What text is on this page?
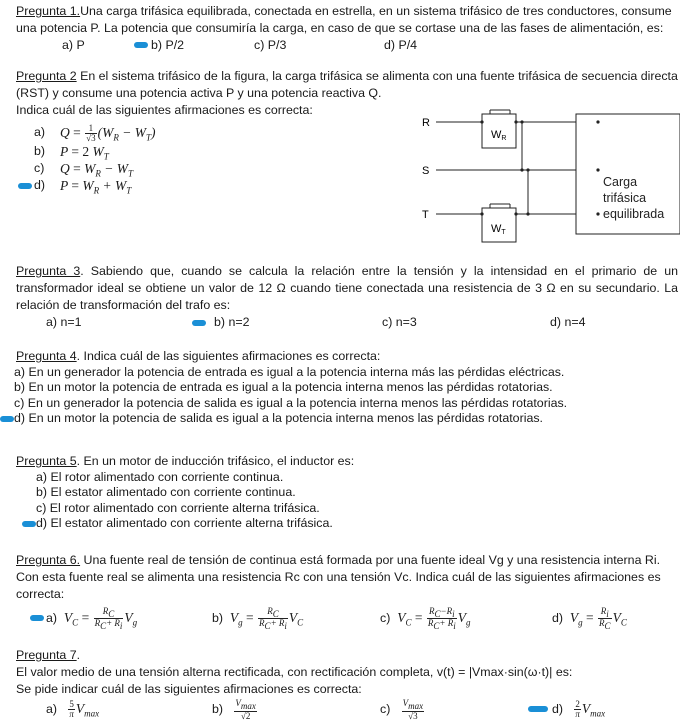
Pregunta 1.Una carga trifásica equilibrada, conectada en estrella, en un sistema trifásico de tres conductores, consume una potencia P. La potencia que consumiría la carga, en caso de que se cortase una de las fases de alimentación, es:
a) P	b) P/2	c) P/3	d) P/4
Pregunta 2 En el sistema trifásico de la figura, la carga trifásica se alimenta con una fuente trifásica de secuencia directa (RST) y consume una potencia activa P y una potencia reactiva Q.
Indica cuál de las siguientes afirmaciones es correcta:
a) $Q = \frac{1}{√3} (W_R - W_T)$
b) P = 2 $W_T$
c) $Q = W_R - W_T$
d) $P = W_R + W_T$
R
S
T
WR
WT
Carga
trifásica
equilibrada
Pregunta 3. Sabiendo que, cuando se calcula la relación entre la tensión y la intensidad en el primario de un transformador ideal se obtiene un valor de 12 Ω cuando tiene conectada una resistencia de 3 Ω en su secundario. La relación de transformación del trafo es:
a) n=1	b) n=2	c) n=3	d) n=4
Pregunta 4. Indica cuál de las siguientes afirmaciones es correcta:
a) En un generador la potencia de entrada es igual a la potencia interna más las pérdidas eléctricas.
b) En un motor la potencia de entrada es igual a la potencia interna menos las pérdidas rotatorias.
c) En un generador la potencia de salida es igual a la potencia interna menos las pérdidas rotatorias.
d) En un motor la potencia de salida es igual a la potencia interna menos las pérdidas rotatorias.
Pregunta 5. En un motor de inducción trifásico, el inductor es:
a) El rotor alimentado con corriente continua.
b) El estator alimentado con corriente continua.
c) El rotor alimentado con corriente alterna trifásica.
d) El estator alimentado con corriente alterna trifásica.
Pregunta 6. Una fuente real de tensión de continua está formada por una fuente ideal Vg y una resistencia interna Ri. Con esta fuente real se alimenta una resistencia Rc con una tensión Vc. Indica cuál de las siguientes afirmaciones es correcta:
a) $V_C = \frac{R_C}{R_C+ R_i} V_g$	b) $V_g = \frac{R_C}{R_C+ R_i} V_C$	c) $V_C = \frac{R_C-R_i}{R_C+ R_i} V_g$	d) $V_g = \frac{R_i}{R_C} V_C$
Pregunta 7.
El valor medio de una tensión alterna rectificada, con rectificación completa, v(t) = |Vmax·sin(ω·t)| es:
Se pide indicar cuál de las siguientes afirmaciones es correcta:
$a) \frac{5}{\pi} V_{max}$	$b) \frac{V_{max}}{√2}$	$c) \frac{V_{max}}{√3}$	$d) \frac{2}{\pi} V_{max}$
